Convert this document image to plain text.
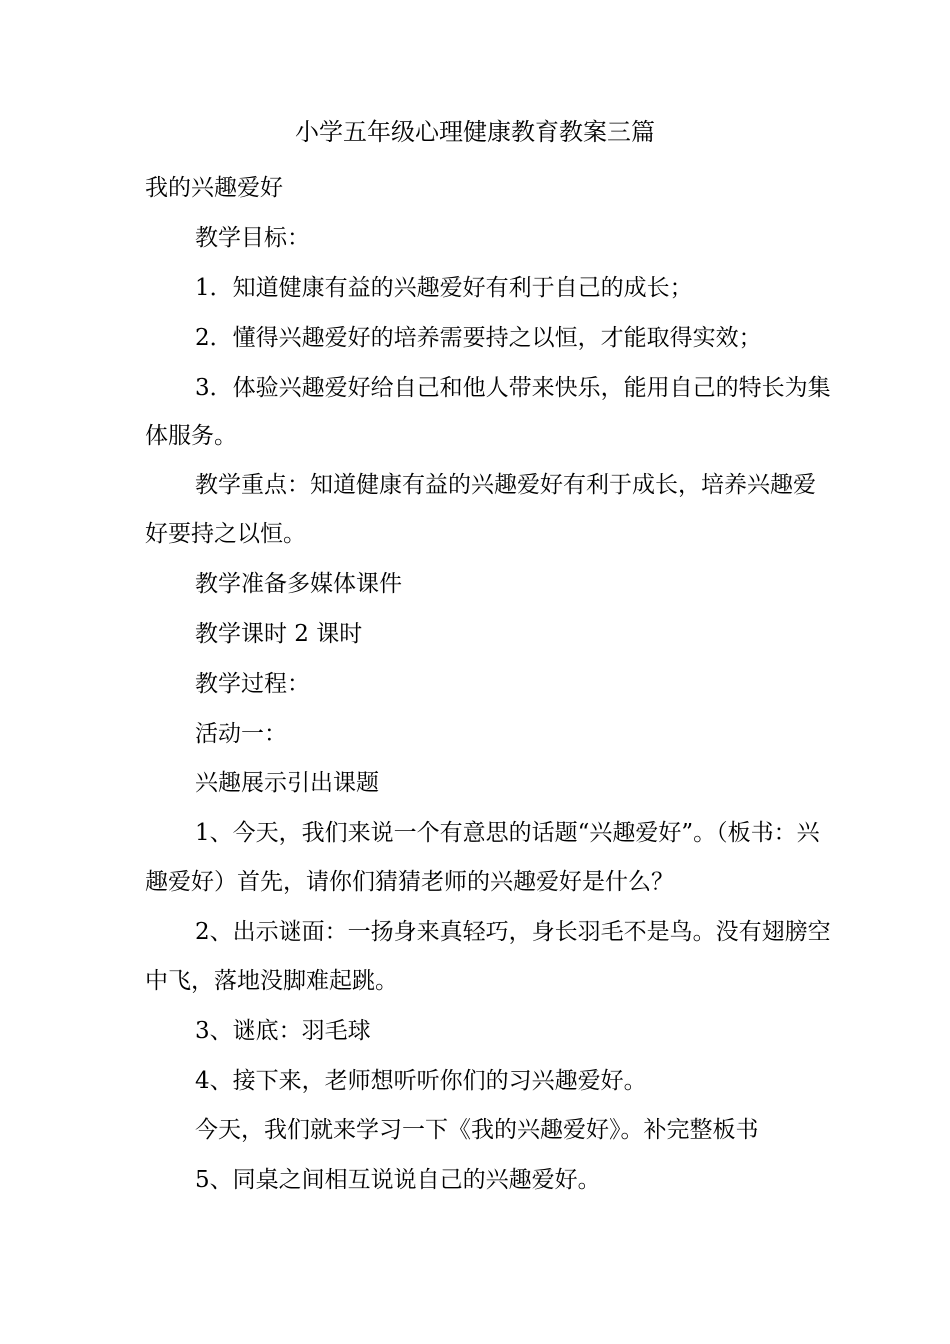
小学五年级心理健康教育教案三篇
我的兴趣爱好
教学目标：
1．知道健康有益的兴趣爱好有利于自己的成长；
2．懂得兴趣爱好的培养需要持之以恒，才能取得实效；
3．体验兴趣爱好给自己和他人带来快乐，能用自己的特长为集
体服务。
教学重点：知道健康有益的兴趣爱好有利于成长，培养兴趣爱
好要持之以恒。
教学准备多媒体课件
教学课时 2 课时
教学过程：
活动一：
兴趣展示引出课题
1、今天，我们来说一个有意思的话题“兴趣爱好”。（板书：兴
趣爱好）首先，请你们猜猜老师的兴趣爱好是什么？
2、出示谜面：一扬身来真轻巧，身长羽毛不是鸟。没有翅膀空
中飞，落地没脚难起跳。
3、谜底：羽毛球
4、接下来，老师想听听你们的习兴趣爱好。
今天，我们就来学习一下《我的兴趣爱好》。补完整板书
5、同桌之间相互说说自己的兴趣爱好。
